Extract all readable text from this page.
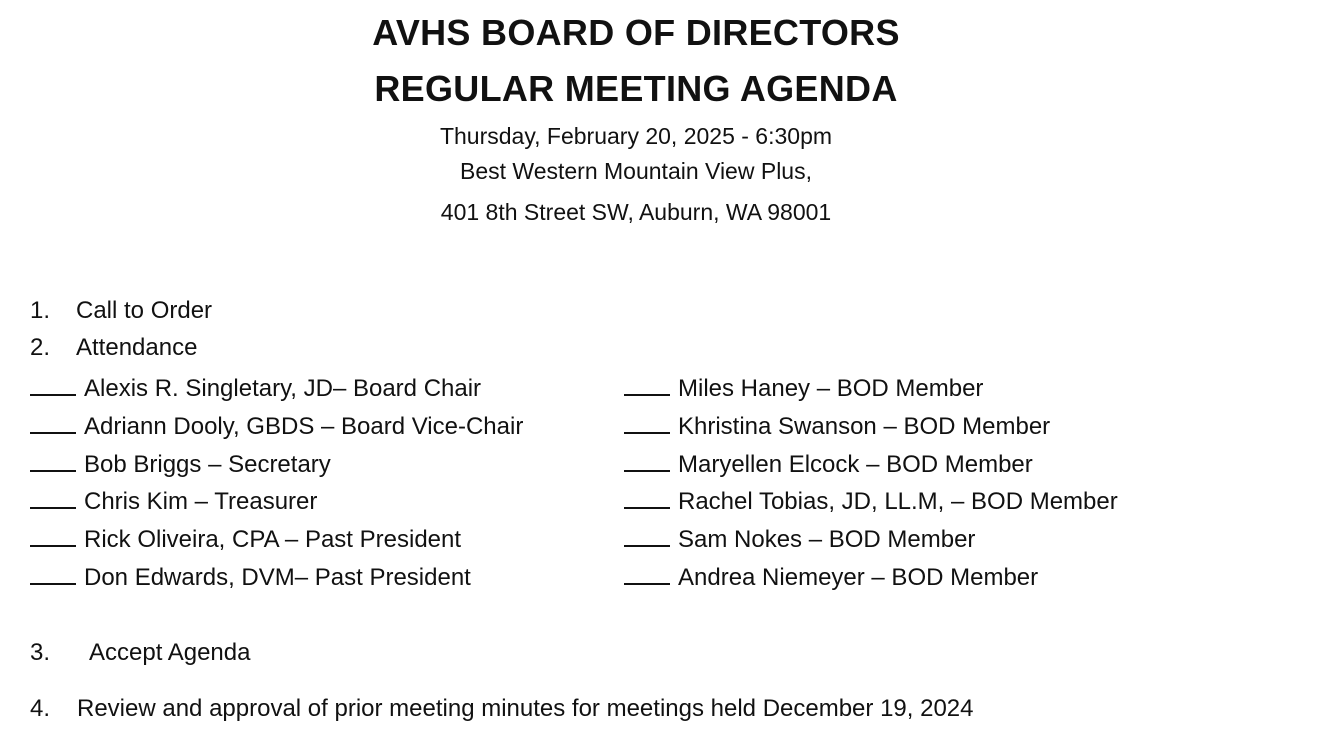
AVHS BOARD OF DIRECTORS
REGULAR MEETING AGENDA
Thursday, February 20, 2025 - 6:30pm
Best Western Mountain View Plus,
401 8th Street SW, Auburn, WA 98001
1. Call to Order
2. Attendance
Alexis R. Singletary, JD– Board Chair
Adriann Dooly, GBDS – Board Vice-Chair
Bob Briggs – Secretary
Chris Kim – Treasurer
Rick Oliveira, CPA – Past President
Don Edwards, DVM– Past President
Miles Haney – BOD Member
Khristina Swanson – BOD Member
Maryellen Elcock – BOD Member
Rachel Tobias, JD, LL.M, – BOD Member
Sam Nokes – BOD Member
Andrea Niemeyer – BOD Member
3. Accept Agenda
4. Review and approval of prior meeting minutes for meetings held December 19, 2024
